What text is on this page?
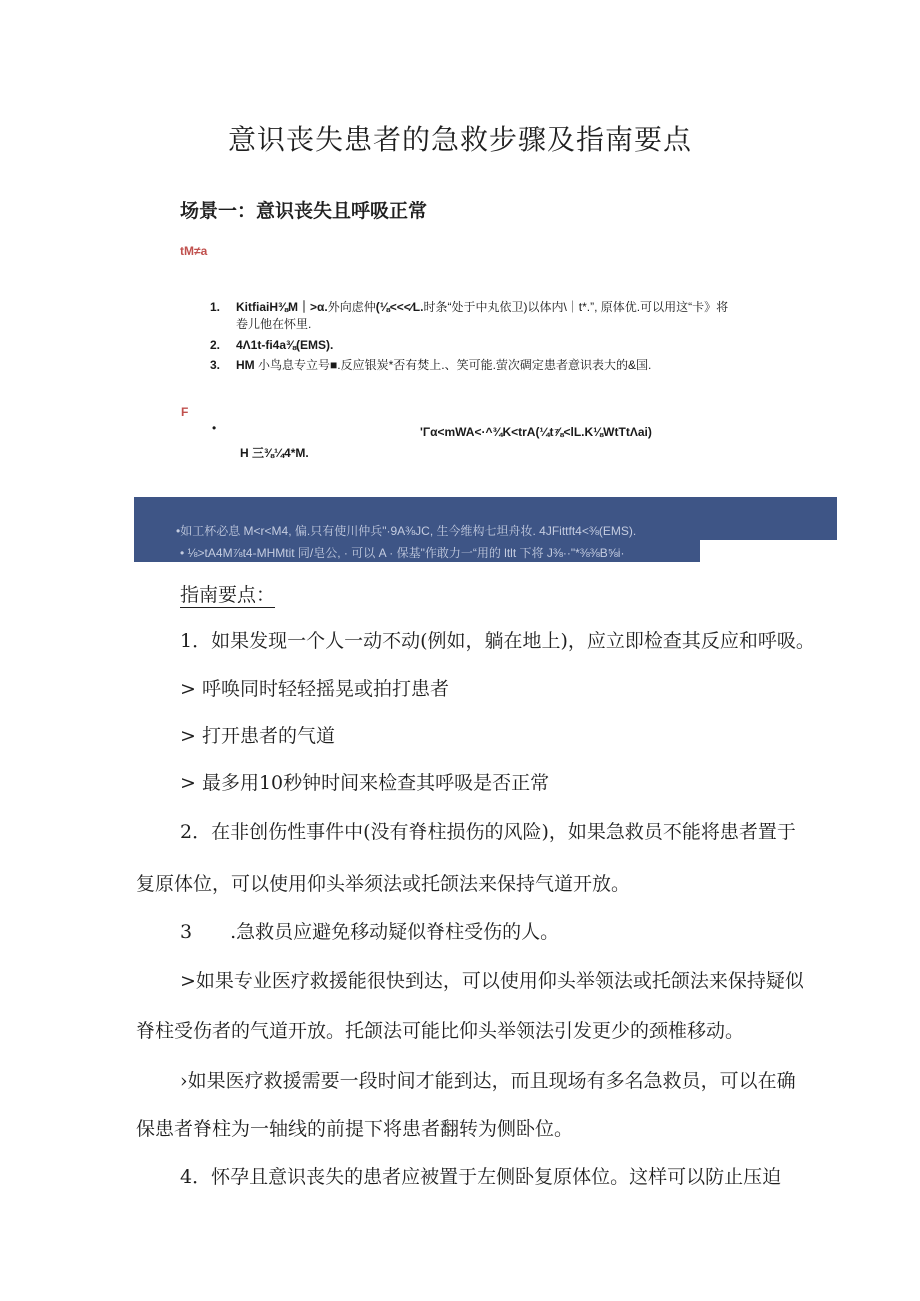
意识丧失患者的急救步骤及指南要点
场景一：意识丧失且呼吸正常
tM≠a
1. KitfiaiH⅜M｜>α.外向虑仲(⅛<<<⁄L.时条“处于中丸依卫)以体内\｜t*.”, 原体优.可以用这“卡》将
卷儿他在怀里.
2. 4Λ1t-fi4a⅜(EMS).
3. HM 小鸟息专立号■.反应银炭*否有焚上.、笑可能.萤次碉定患者意识表大的&国.
F
•	'Γα<mWA<·^¾K<trA(¼t⅞<lL.K⅛WtTtΛai)
H 三⅜¼4*M.
•如工杯必息 M<r<M4, 偏.只有使川仲兵"·9A⅜JC, 生今维构七坦舟妆. 4JFittft4<⅜(EMS).
• ⅛>tA4M⅞t4-MHMtit 同/皂公, · 可以 A · 保基"作敢力一“用的 ltlt 下将 J⅜··"*⅜⅜B⅝i·
指南要点：
1．如果发现一个人一动不动(例如，躺在地上)，应立即检查其反应和呼吸。
> 呼唤同时轻轻摇晃或拍打患者
> 打开患者的气道
> 最多用10秒钟时间来检查其呼吸是否正常
2．在非创伤性事件中(没有脊柱损伤的风险)，如果急救员不能将患者置于
复原体位，可以使用仰头举须法或托颌法来保持气道开放。
3　　.急救员应避免移动疑似脊柱受伤的人。
>如果专业医疗救援能很快到达，可以使用仰头举领法或托颌法来保持疑似
脊柱受伤者的气道开放。托颌法可能比仰头举领法引发更少的颈椎移动。
›如果医疗救援需要一段时间才能到达，而且现场有多名急救员，可以在确
保患者脊柱为一轴线的前提下将患者翻转为侧卧位。
4．怀孕且意识丧失的患者应被置于左侧卧复原体位。这样可以防止压迫
